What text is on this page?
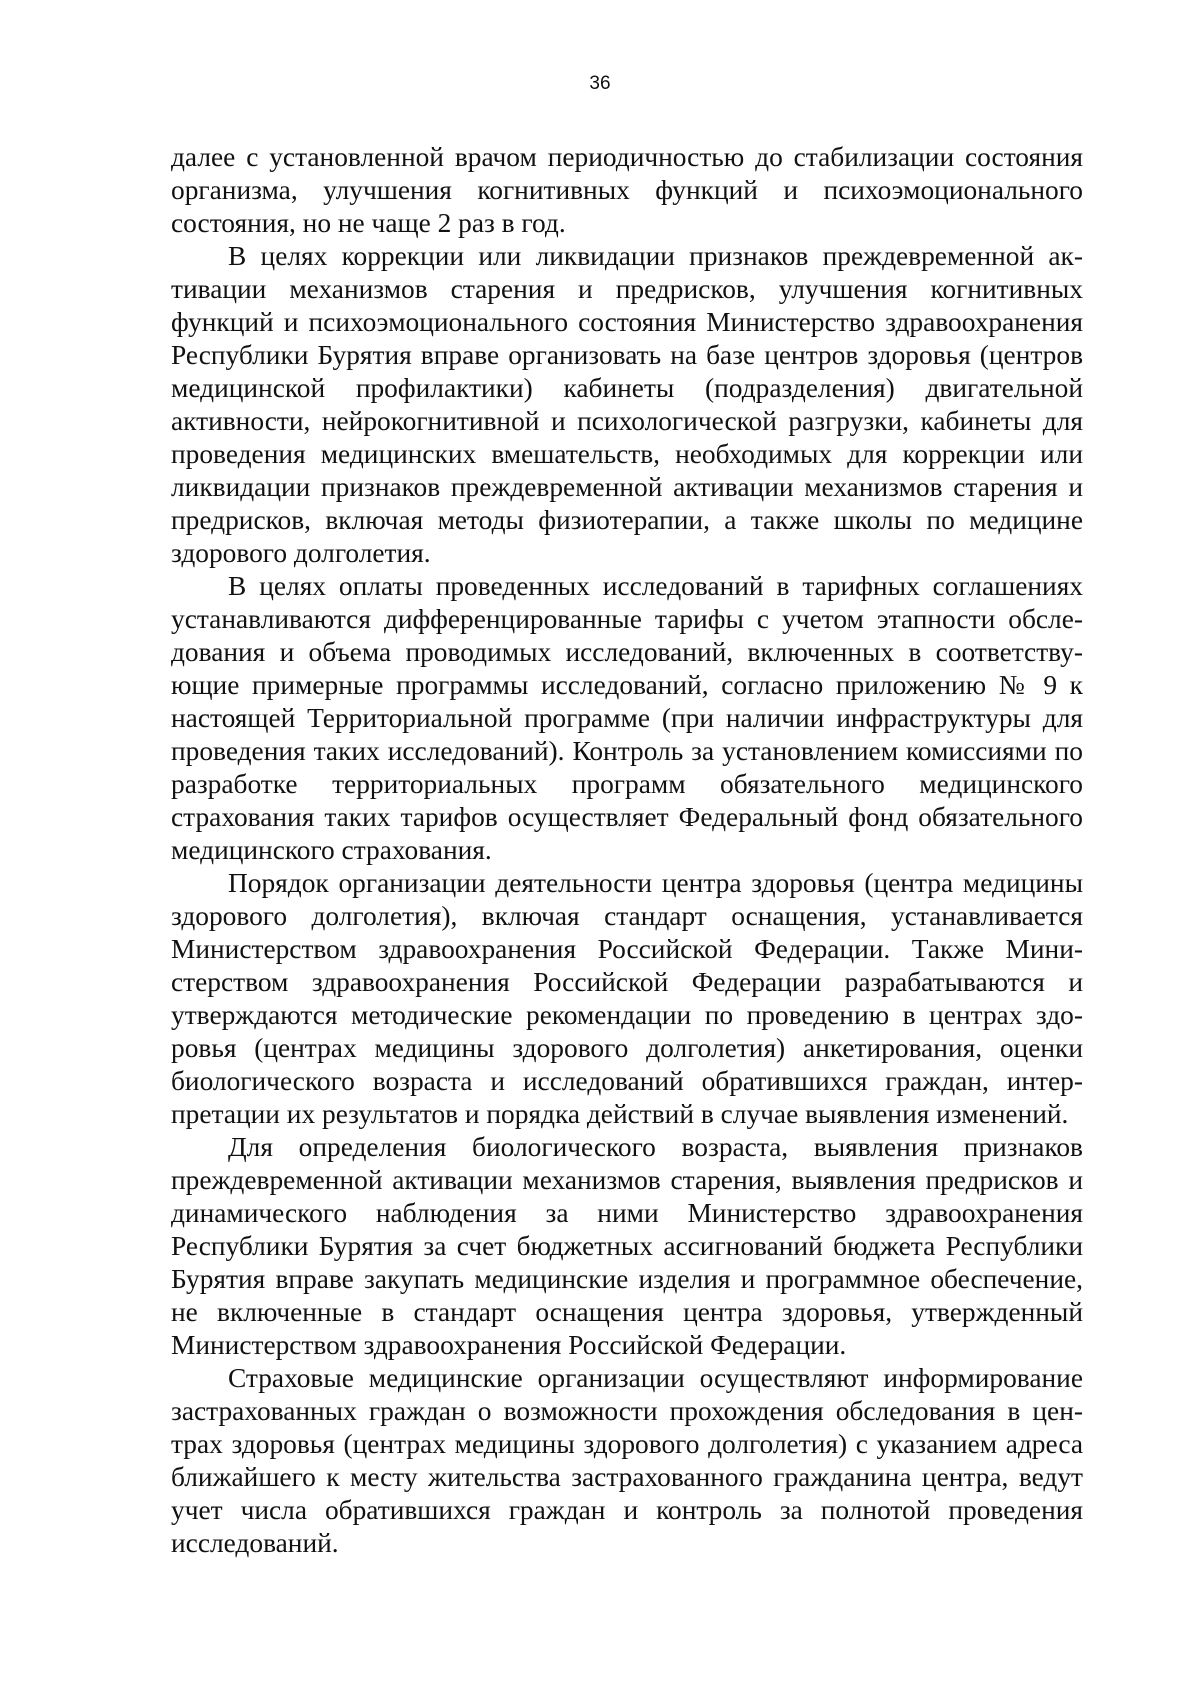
36

далее с установленной врачом периодичностью до стабилизации состояния организма, улучшения когнитивных функций и психоэмоционального состояния, но не чаще 2 раз в год.

В целях коррекции или ликвидации признаков преждевременной активации механизмов старения и предрисков, улучшения когнитивных функций и психоэмоционального состояния Министерство здравоохранения Республики Бурятия вправе организовать на базе центров здоровья (центров медицинской профилактики) кабинеты (подразделения) двигательной активности, нейрокогнитивной и психологической разгрузки, кабинеты для проведения медицинских вмешательств, необходимых для коррекции или ликвидации признаков преждевременной активации механизмов старения и предрисков, включая методы физиотерапии, а также школы по медицине здорового долголетия.

В целях оплаты проведенных исследований в тарифных соглашениях устанавливаются дифференцированные тарифы с учетом этапности обследования и объема проводимых исследований, включенных в соответствующие примерные программы исследований, согласно приложению № 9 к настоящей Территориальной программе (при наличии инфраструктуры для проведения таких исследований). Контроль за установлением комиссиями по разработке территориальных программ обязательного медицинского страхования таких тарифов осуществляет Федеральный фонд обязательного медицинского страхования.

Порядок организации деятельности центра здоровья (центра медицины здорового долголетия), включая стандарт оснащения, устанавливается Министерством здравоохранения Российской Федерации. Также Министерством здравоохранения Российской Федерации разрабатываются и утверждаются методические рекомендации по проведению в центрах здоровья (центрах медицины здорового долголетия) анкетирования, оценки биологического возраста и исследований обратившихся граждан, интерпретации их результатов и порядка действий в случае выявления изменений.

Для определения биологического возраста, выявления признаков преждевременной активации механизмов старения, выявления предрисков и динамического наблюдения за ними Министерство здравоохранения Республики Бурятия за счет бюджетных ассигнований бюджета Республики Бурятия вправе закупать медицинские изделия и программное обеспечение, не включенные в стандарт оснащения центра здоровья, утвержденный Министерством здравоохранения Российской Федерации.

Страховые медицинские организации осуществляют информирование застрахованных граждан о возможности прохождения обследования в центрах здоровья (центрах медицины здорового долголетия) с указанием адреса ближайшего к месту жительства застрахованного гражданина центра, ведут учет числа обратившихся граждан и контроль за полнотой проведения исследований.
